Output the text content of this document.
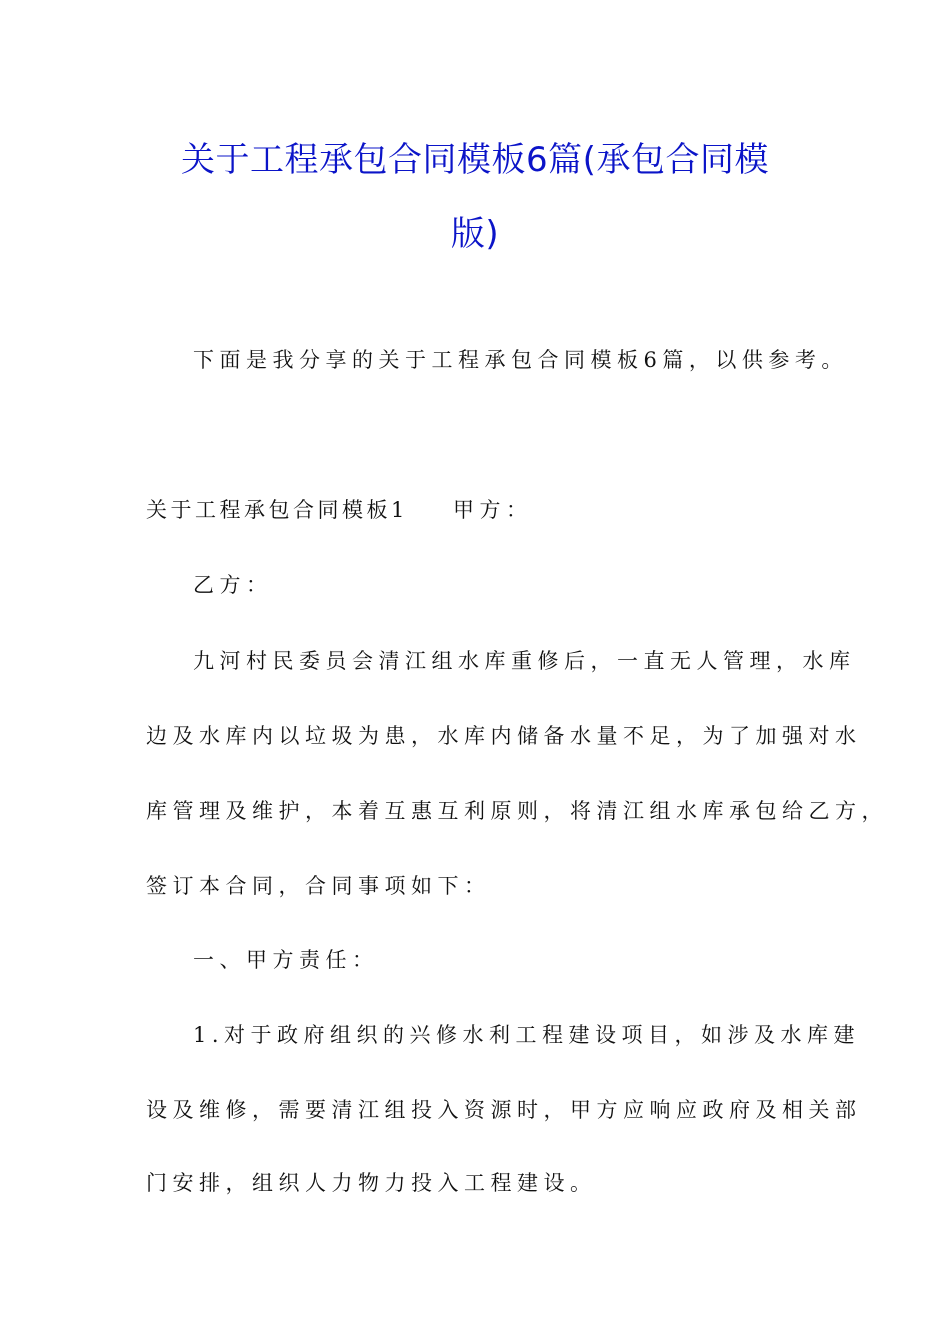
关于工程承包合同模板6篇(承包合同模
版)
下面是我分享的关于工程承包合同模板6篇，以供参考。
关于工程承包合同模板1 甲方：
乙方：
九河村民委员会清江组水库重修后，一直无人管理，水库
边及水库内以垃圾为患，水库内储备水量不足，为了加强对水
库管理及维护，本着互惠互利原则，将清江组水库承包给乙方，
签订本合同，合同事项如下：
一、甲方责任：
1.对于政府组织的兴修水利工程建设项目，如涉及水库建
设及维修，需要清江组投入资源时，甲方应响应政府及相关部
门安排，组织人力物力投入工程建设。
